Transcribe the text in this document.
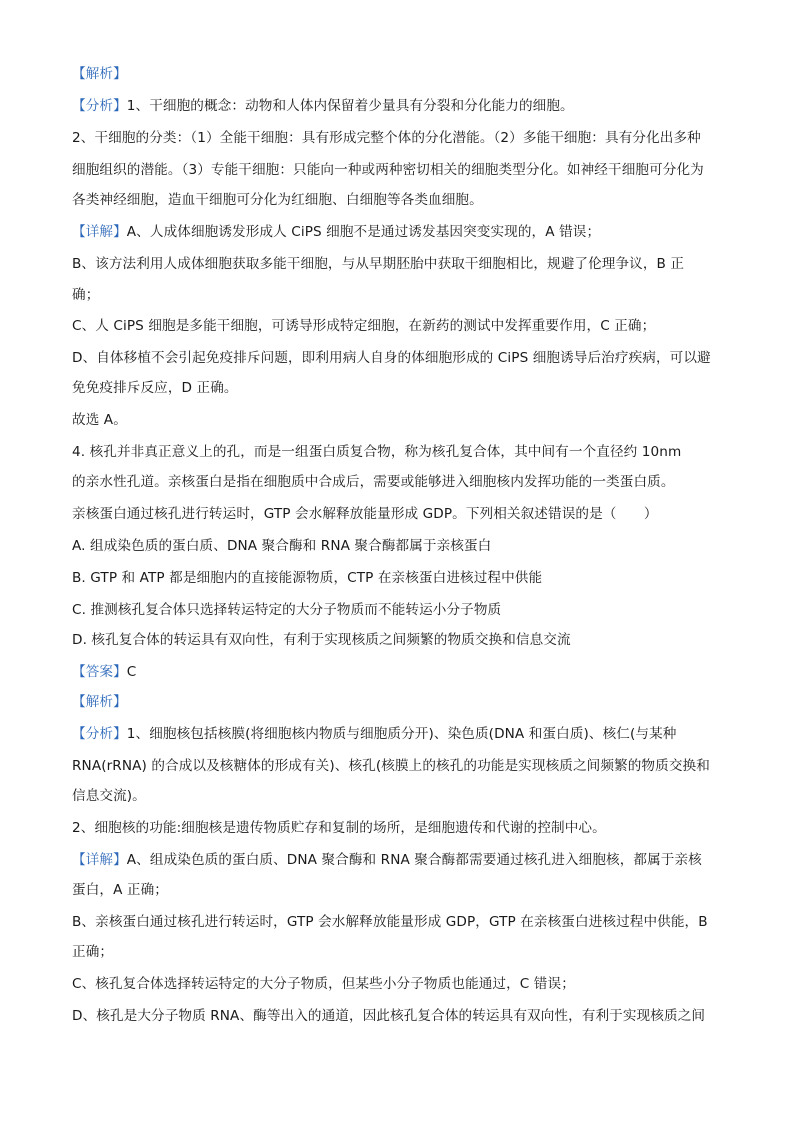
【解析】
【分析】1、干细胞的概念：动物和人体内保留着少量具有分裂和分化能力的细胞。
2、干细胞的分类：（1）全能干细胞：具有形成完整个体的分化潜能。（2）多能干细胞：具有分化出多种
细胞组织的潜能。（3）专能干细胞：只能向一种或两种密切相关的细胞类型分化。如神经干细胞可分化为
各类神经细胞，造血干细胞可分化为红细胞、白细胞等各类血细胞。
【详解】A、人成体细胞诱发形成人 CiPS 细胞不是通过诱发基因突变实现的，A 错误；
B、该方法利用人成体细胞获取多能干细胞，与从早期胚胎中获取干细胞相比，规避了伦理争议，B 正
确；
C、人 CiPS 细胞是多能干细胞，可诱导形成特定细胞，在新药的测试中发挥重要作用，C 正确；
D、自体移植不会引起免疫排斥问题，即利用病人自身的体细胞形成的 CiPS 细胞诱导后治疗疾病，可以避
免免疫排斥反应，D 正确。
故选 A。
4. 核孔并非真正意义上的孔，而是一组蛋白质复合物，称为核孔复合体，其中间有一个直径约 10nm
的亲水性孔道。亲核蛋白是指在细胞质中合成后，需要或能够进入细胞核内发挥功能的一类蛋白质。
亲核蛋白通过核孔进行转运时，GTP 会水解释放能量形成 GDP。下列相关叙述错误的是（　　）
A. 组成染色质的蛋白质、DNA 聚合酶和 RNA 聚合酶都属于亲核蛋白
B. GTP 和 ATP 都是细胞内的直接能源物质，CTP 在亲核蛋白进核过程中供能
C. 推测核孔复合体只选择转运特定的大分子物质而不能转运小分子物质
D. 核孔复合体的转运具有双向性，有利于实现核质之间频繁的物质交换和信息交流
【答案】C
【解析】
【分析】1、细胞核包括核膜(将细胞核内物质与细胞质分开)、染色质(DNA 和蛋白质)、核仁(与某种
RNA(rRNA) 的合成以及核糖体的形成有关)、核孔(核膜上的核孔的功能是实现核质之间频繁的物质交换和
信息交流)。
2、细胞核的功能:细胞核是遗传物质贮存和复制的场所，是细胞遗传和代谢的控制中心。
【详解】A、组成染色质的蛋白质、DNA 聚合酶和 RNA 聚合酶都需要通过核孔进入细胞核，都属于亲核
蛋白，A 正确；
B、亲核蛋白通过核孔进行转运时，GTP 会水解释放能量形成 GDP，GTP 在亲核蛋白进核过程中供能，B
正确；
C、核孔复合体选择转运特定的大分子物质，但某些小分子物质也能通过，C 错误；
D、核孔是大分子物质 RNA、酶等出入的通道，因此核孔复合体的转运具有双向性，有利于实现核质之间
